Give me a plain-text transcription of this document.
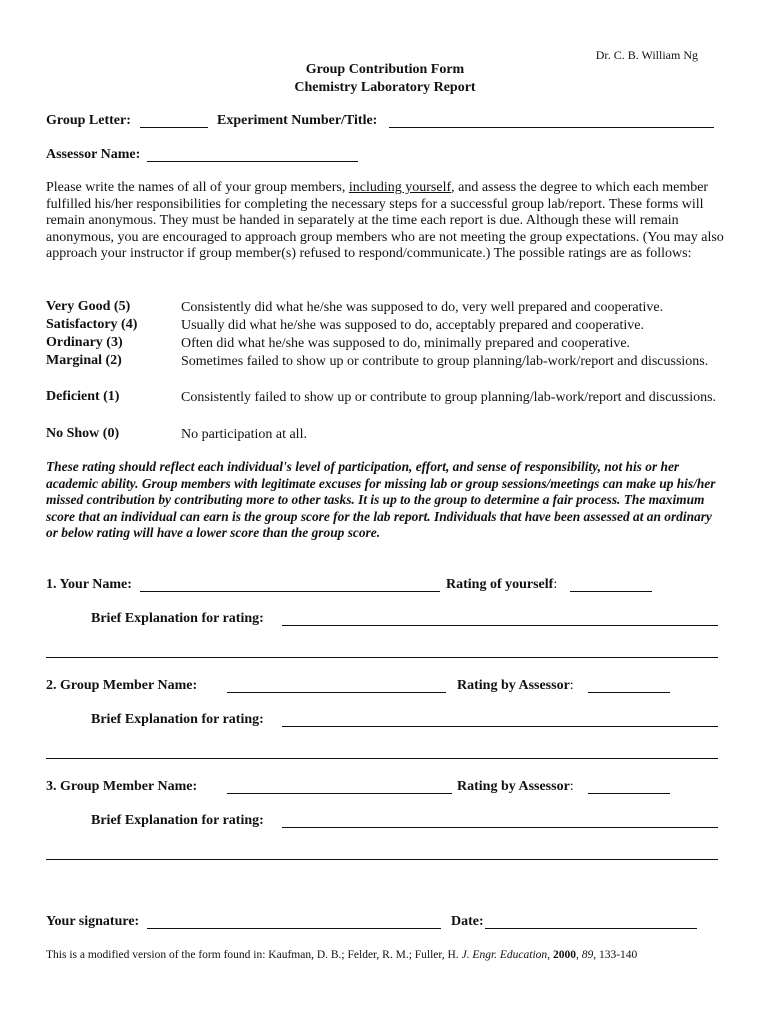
Dr. C. B. William Ng
Group Contribution Form
Chemistry Laboratory Report
Group Letter:	Experiment Number/Title:
Assessor Name:
Please write the names of all of your group members, including yourself, and assess the degree to which each member fulfilled his/her responsibilities for completing the necessary steps for a successful group lab/report. These forms will remain anonymous. They must be handed in separately at the time each report is due. Although these will remain anonymous, you are encouraged to approach group members who are not meeting the group expectations. (You may also approach your instructor if group member(s) refused to respond/communicate.) The possible ratings are as follows:
Very Good (5)	Consistently did what he/she was supposed to do, very well prepared and cooperative.
Satisfactory (4)	Usually did what he/she was supposed to do, acceptably prepared and cooperative.
Ordinary (3)	Often did what he/she was supposed to do, minimally prepared and cooperative.
Marginal (2)	Sometimes failed to show up or contribute to group planning/lab-work/report and discussions.
Deficient (1)	Consistently failed to show up or contribute to group planning/lab-work/report and discussions.
No Show (0)	No participation at all.
These rating should reflect each individual's level of participation, effort, and sense of responsibility, not his or her academic ability. Group members with legitimate excuses for missing lab or group sessions/meetings can make up his/her missed contribution by contributing more to other tasks. It is up to the group to determine a fair process. The maximum score that an individual can earn is the group score for the lab report. Individuals that have been assessed at an ordinary or below rating will have a lower score than the group score.
1. Your Name:	Rating of yourself:
Brief Explanation for rating:
2. Group Member Name:	Rating by Assessor:
Brief Explanation for rating:
3. Group Member Name:	Rating by Assessor:
Brief Explanation for rating:
Your signature:	Date:
This is a modified version of the form found in: Kaufman, D. B.; Felder, R. M.; Fuller, H. J. Engr. Education, 2000, 89, 133-140
